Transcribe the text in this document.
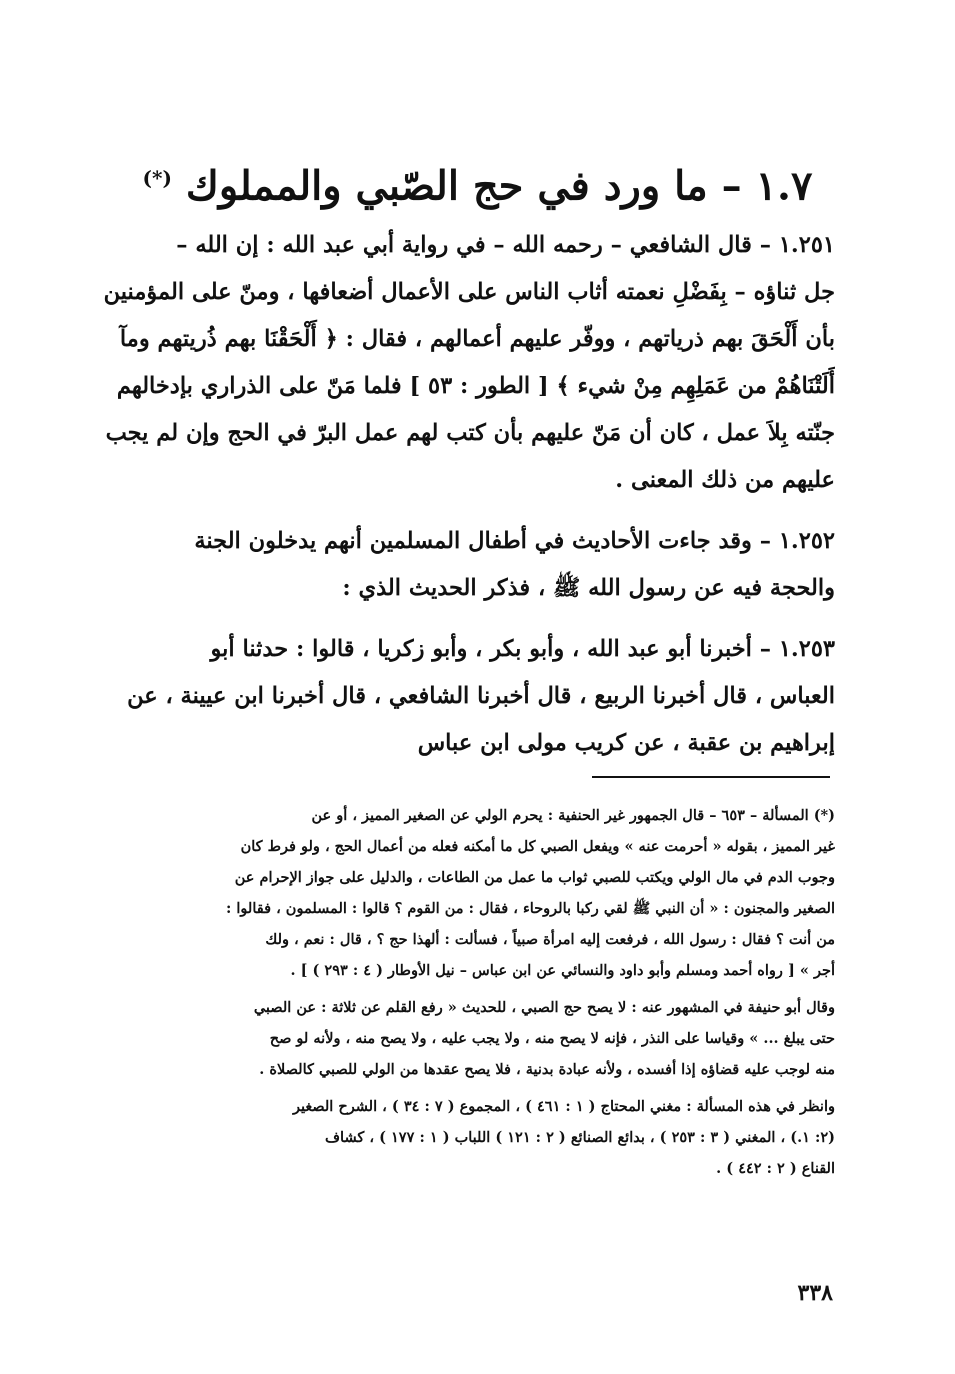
١.٧ – ما ورد في حج الصّبي والمملوك (*)
١.٢٥١ – قال الشافعي – رحمه الله – في رواية أبي عبد الله : إن الله –
جل ثناؤه – بِفَضْلِ نعمته أثاب الناس على الأعمال أضعافها ، ومنّ على المؤمنين
بأن أَلْحَقَ بهم ذرياتهم ، ووفّر عليهم أعمالهم ، فقال : ﴿ أَلْحَقْنَا بهم ذُريتهم ومآ
أَلَتْنَاهُمْ من عَمَلِهِم مِنْ شيء ﴾ [ الطور : ٥٣ ] فلما مَنّ على الذراري بإدخالهم
جنّته بِلاَ عمل ، كان أن مَنّ عليهم بأن كتب لهم عمل البرّ في الحج وإن لم يجب
عليهم من ذلك المعنى .
١.٢٥٢ – وقد جاءت الأحاديث في أطفال المسلمين أنهم يدخلون الجنة
والحجة فيه عن رسول الله ﷺ ، فذكر الحديث الذي :
١.٢٥٣ – أخبرنا أبو عبد الله ، وأبو بكر ، وأبو زكريا ، قالوا : حدثنا أبو
العباس ، قال أخبرنا الربيع ، قال أخبرنا الشافعي ، قال أخبرنا ابن عيينة ، عن
إبراهيم بن عقبة ، عن كريب مولى ابن عباس
(*) المسألة – ٦٥٣ – قال الجمهور غير الحنفية : يحرم الولي عن الصغير المميز ، أو عن
غير المميز ، بقوله « أحرمت عنه » ويفعل الصبي كل ما أمكنه فعله من أعمال الحج ، ولو فرط كان
وجوب الدم في مال الولي ويكتب للصبي ثواب ما عمل من الطاعات ، والدليل على جواز الإحرام عن
الصغير والمجنون : « أن النبي ﷺ لقي ركبا بالروحاء ، فقال : من القوم ؟ قالوا : المسلمون ، فقالوا :
من أنت ؟ فقال : رسول الله ، فرفعت إليه امرأة صبياً ، فسألت : ألهذا حج ؟ ، قال : نعم ، ولك
أجر » [ رواه أحمد ومسلم وأبو داود والنسائي عن ابن عباس – نيل الأوطار ( ٤ : ٢٩٣ ) ] .
وقال أبو حنيفة في المشهور عنه : لا يصح حج الصبي ، للحديث « رفع القلم عن ثلاثة : عن الصبي
حتى يبلغ ... » وقياسا على النذر ، فإنه لا يصح منه ، ولا يجب عليه ، ولا يصح منه ، ولأنه لو صح
منه لوجب عليه قضاؤه إذا أفسده ، ولأنه عبادة بدنية ، فلا يصح عقدها من الولي للصبي كالصلاة .
وانظر في هذه المسألة : مغني المحتاج ( ١ : ٤٦١ ) ، المجموع ( ٧ : ٣٤ ) ، الشرح الصغير
(٢: ١.) ، المغني ( ٣ : ٢٥٣ ) ، بدائع الصنائع ( ٢ : ١٢١ ) اللباب ( ١ : ١٧٧ ) ، كشاف
القناع ( ٢ : ٤٤٢ ) .
٣٣٨
